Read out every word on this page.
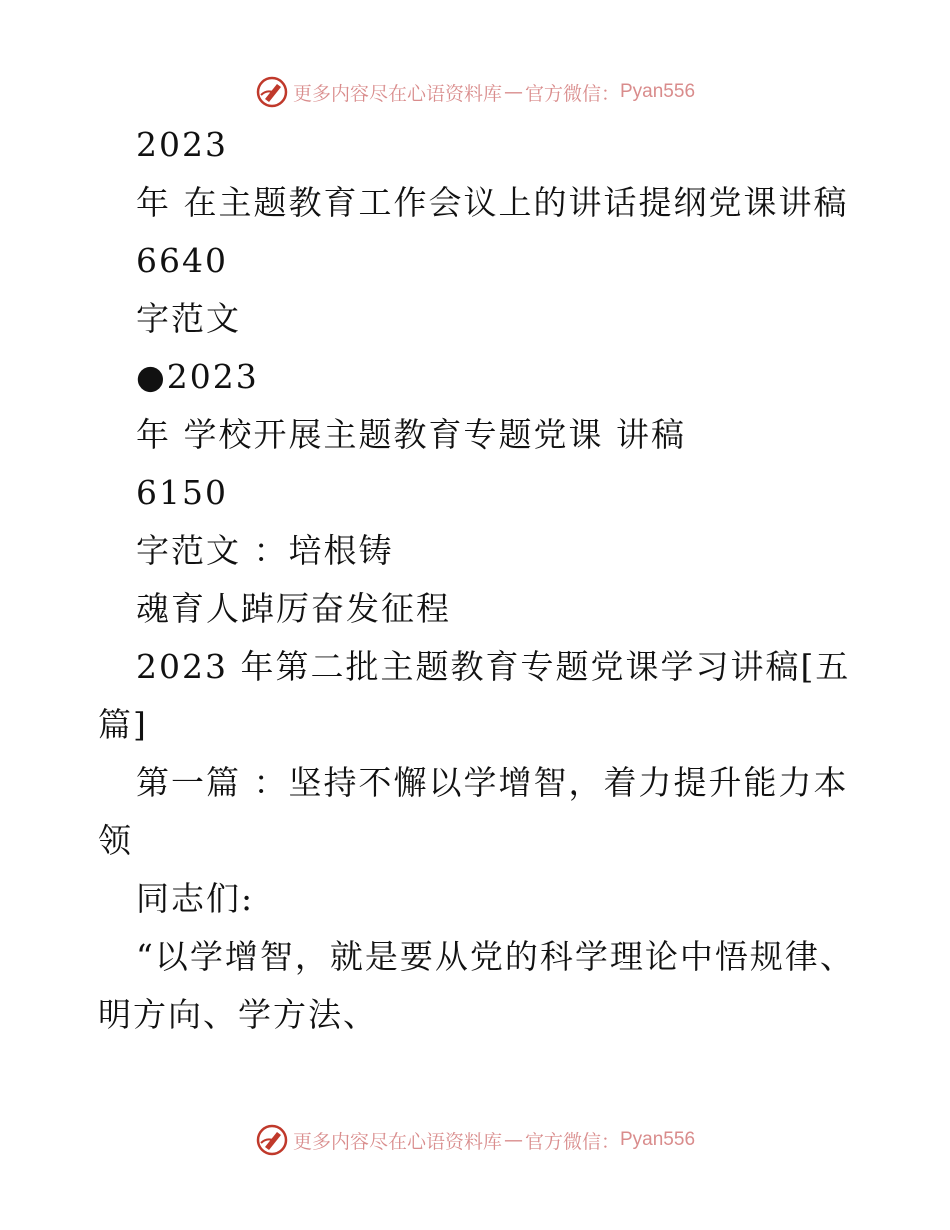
更多内容尽在心语资料库 — 官方微信： Pyan556
2023
年 在主题教育工作会议上的讲话提纲党课讲稿
6640
字范文
●2023
年 学校开展主题教育专题党课 讲稿
6150
字范文 ：培根铸
魂育人踔厉奋发征程
2023 年第二批主题教育专题党课学习讲稿[五
篇]
第一篇 ：坚持不懈以学增智，着力提升能力本
领
同志们:
“以学增智，就是要从党的科学理论中悟规律、
明方向、学方法、
更多内容尽在心语资料库 — 官方微信： Pyan556
